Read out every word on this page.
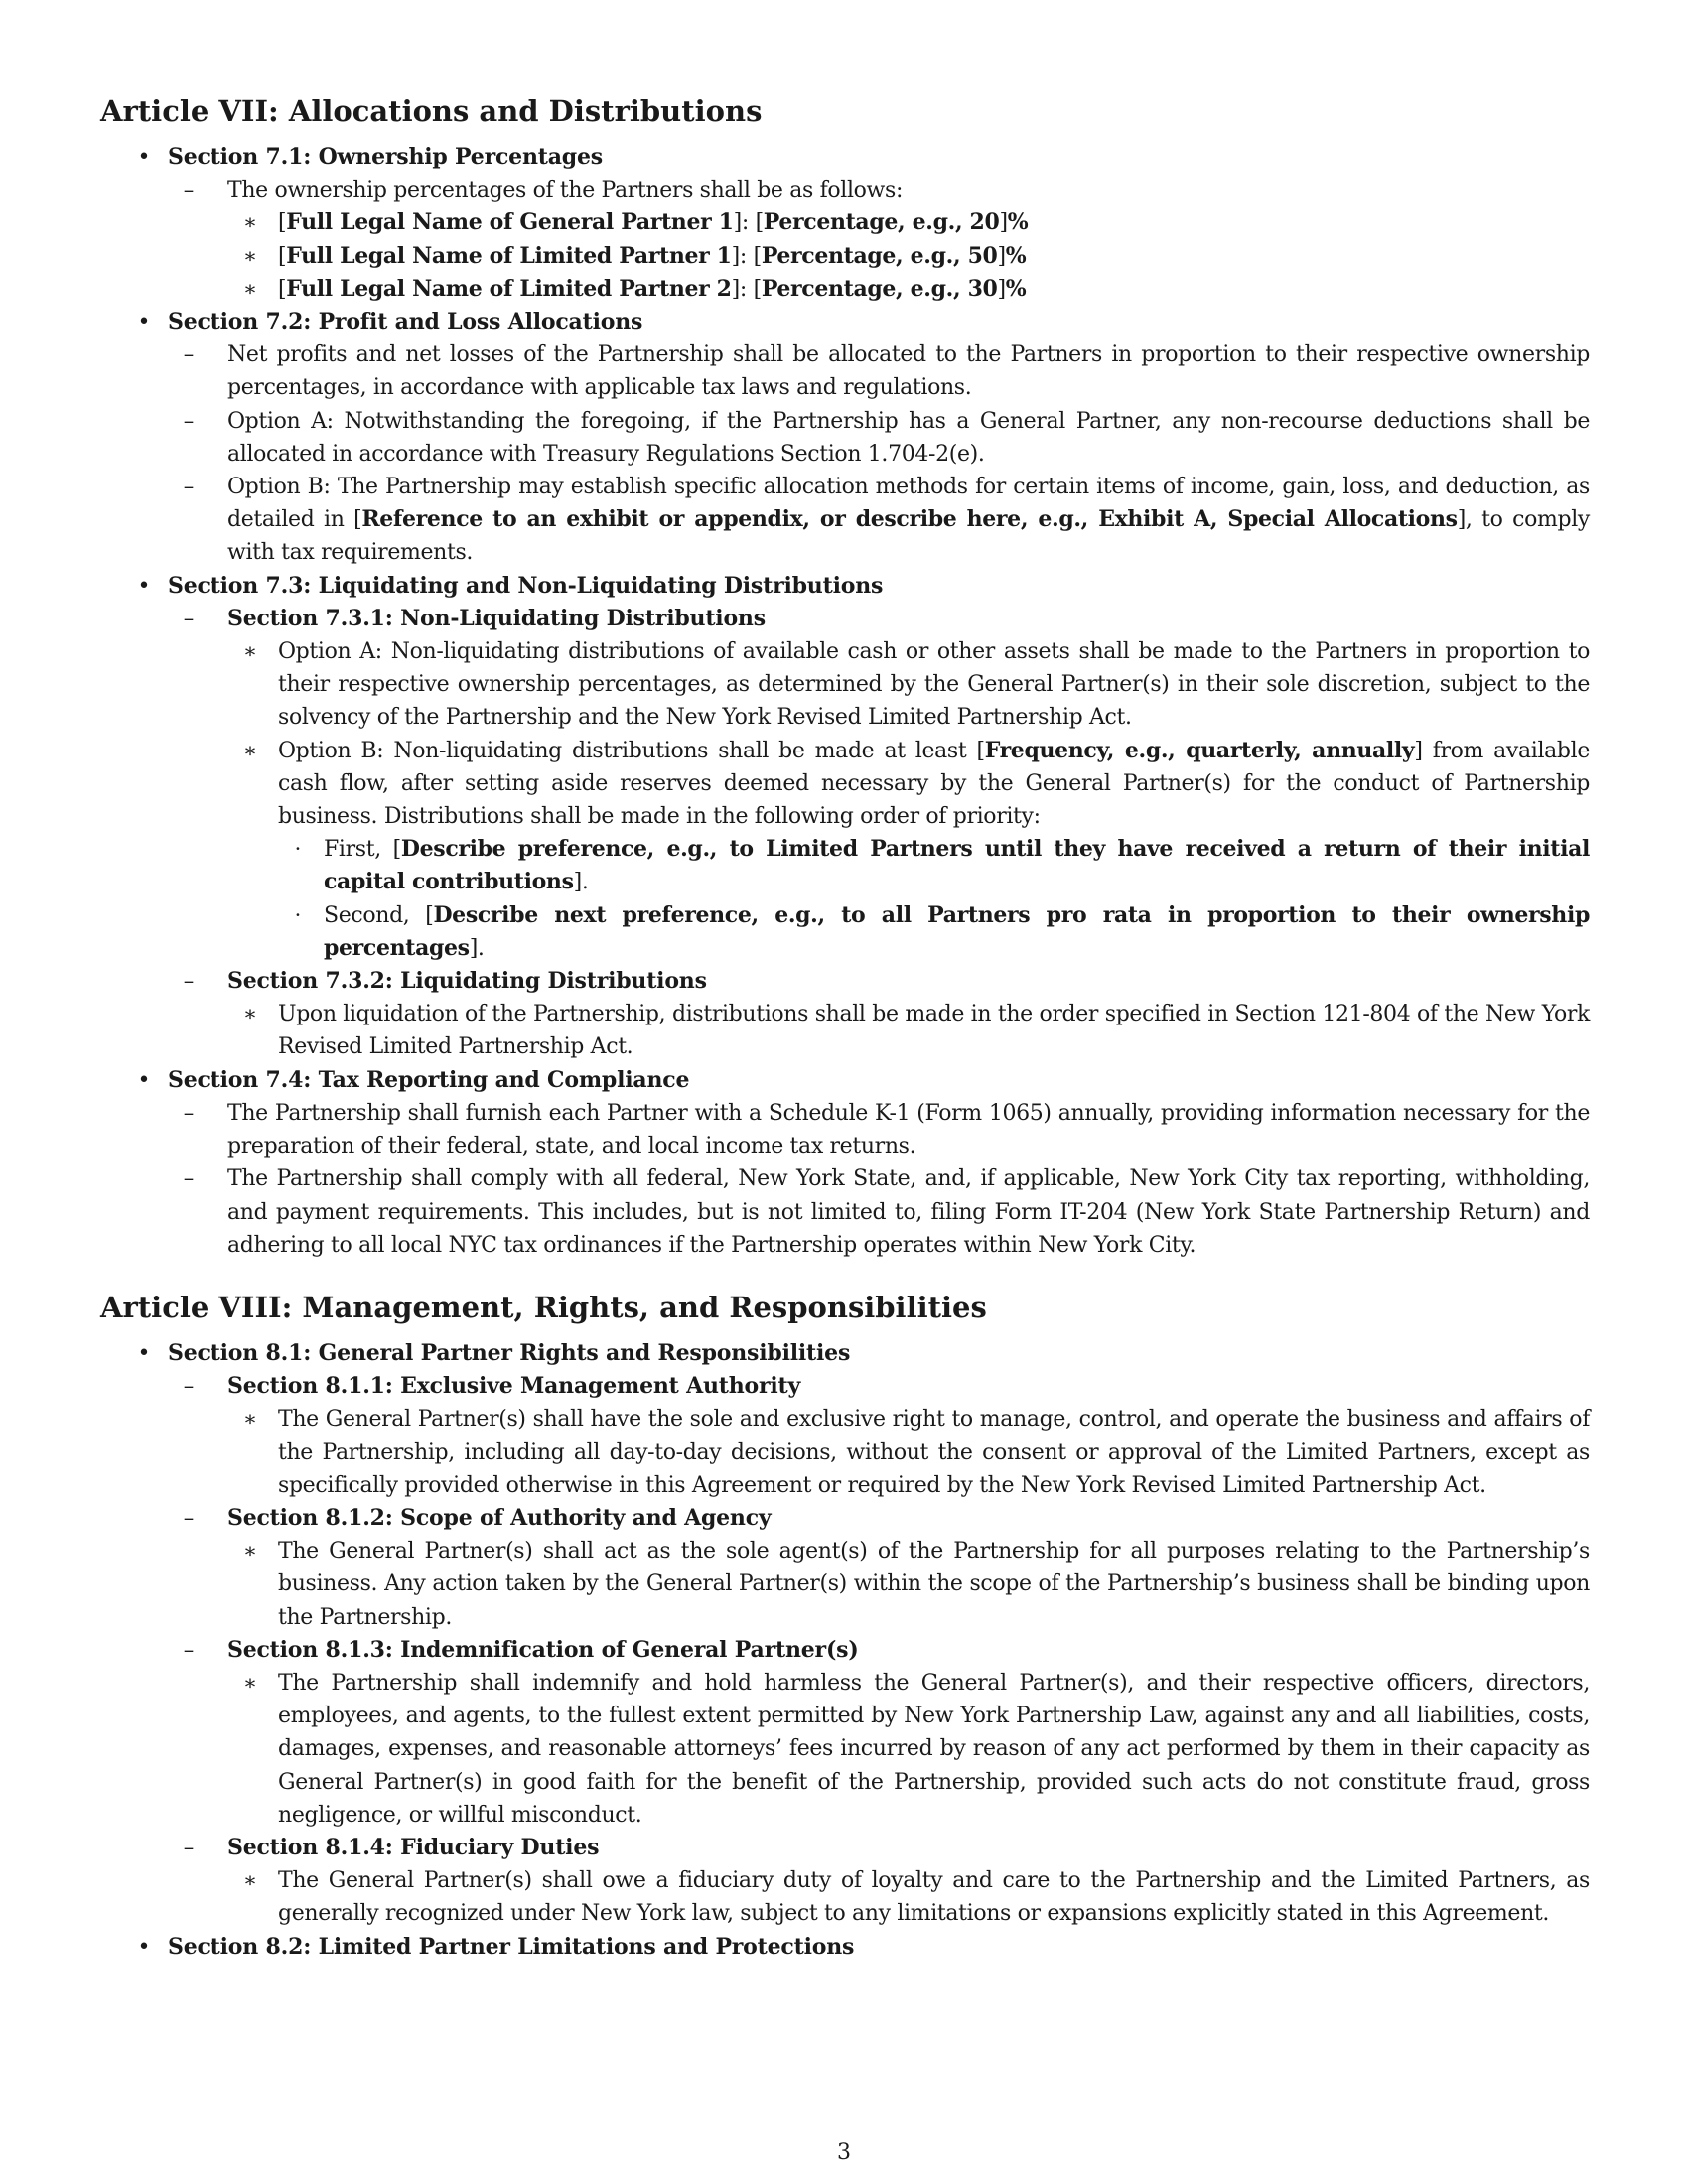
Article VII: Allocations and Distributions
• Section 7.1: Ownership Percentages
–	The ownership percentages of the Partners shall be as follows:
∗ [Full Legal Name of General Partner 1]: [Percentage, e.g., 20]%
∗ [Full Legal Name of Limited Partner 1]: [Percentage, e.g., 50]%
∗ [Full Legal Name of Limited Partner 2]: [Percentage, e.g., 30]%
• Section 7.2: Profit and Loss Allocations
–	Net profits and net losses of the Partnership shall be allocated to the Partners in proportion to their respective ownership percentages, in accordance with applicable tax laws and regulations.
–	Option A: Notwithstanding the foregoing, if the Partnership has a General Partner, any non-recourse deductions shall be allocated in accordance with Treasury Regulations Section 1.704-2(e).
–	Option B: The Partnership may establish specific allocation methods for certain items of income, gain, loss, and deduction, as detailed in [Reference to an exhibit or appendix, or describe here, e.g., Exhibit A, Special Allocations], to comply with tax requirements.
• Section 7.3: Liquidating and Non-Liquidating Distributions
–	Section 7.3.1: Non-Liquidating Distributions
∗ Option A: Non-liquidating distributions of available cash or other assets shall be made to the Partners in proportion to their respective ownership percentages, as determined by the General Partner(s) in their sole discretion, subject to the solvency of the Partnership and the New York Revised Limited Partnership Act.
∗ Option B: Non-liquidating distributions shall be made at least [Frequency, e.g., quarterly, annually] from available cash flow, after setting aside reserves deemed necessary by the General Partner(s) for the conduct of Partnership business. Distributions shall be made in the following order of priority:
·	First, [Describe preference, e.g., to Limited Partners until they have received a return of their initial capital contributions].
·	Second, [Describe next preference, e.g., to all Partners pro rata in proportion to their ownership percentages].
–	Section 7.3.2: Liquidating Distributions
∗ Upon liquidation of the Partnership, distributions shall be made in the order specified in Section 121-804 of the New York Revised Limited Partnership Act.
• Section 7.4: Tax Reporting and Compliance
–	The Partnership shall furnish each Partner with a Schedule K-1 (Form 1065) annually, providing information necessary for the preparation of their federal, state, and local income tax returns.
–	The Partnership shall comply with all federal, New York State, and, if applicable, New York City tax reporting, withholding, and payment requirements. This includes, but is not limited to, filing Form IT-204 (New York State Partnership Return) and adhering to all local NYC tax ordinances if the Partnership operates within New York City.
Article VIII: Management, Rights, and Responsibilities
• Section 8.1: General Partner Rights and Responsibilities
–	Section 8.1.1: Exclusive Management Authority
∗ The General Partner(s) shall have the sole and exclusive right to manage, control, and operate the business and affairs of the Partnership, including all day-to-day decisions, without the consent or approval of the Limited Partners, except as specifically provided otherwise in this Agreement or required by the New York Revised Limited Partnership Act.
–	Section 8.1.2: Scope of Authority and Agency
∗ The General Partner(s) shall act as the sole agent(s) of the Partnership for all purposes relating to the Partnership’s business. Any action taken by the General Partner(s) within the scope of the Partnership’s business shall be binding upon the Partnership.
–	Section 8.1.3: Indemnification of General Partner(s)
∗ The Partnership shall indemnify and hold harmless the General Partner(s), and their respective officers, directors, employees, and agents, to the fullest extent permitted by New York Partnership Law, against any and all liabilities, costs, damages, expenses, and reasonable attorneys’ fees incurred by reason of any act performed by them in their capacity as General Partner(s) in good faith for the benefit of the Partnership, provided such acts do not constitute fraud, gross negligence, or willful misconduct.
–	Section 8.1.4: Fiduciary Duties
∗ The General Partner(s) shall owe a fiduciary duty of loyalty and care to the Partnership and the Limited Partners, as generally recognized under New York law, subject to any limitations or expansions explicitly stated in this Agreement.
• Section 8.2: Limited Partner Limitations and Protections
3
